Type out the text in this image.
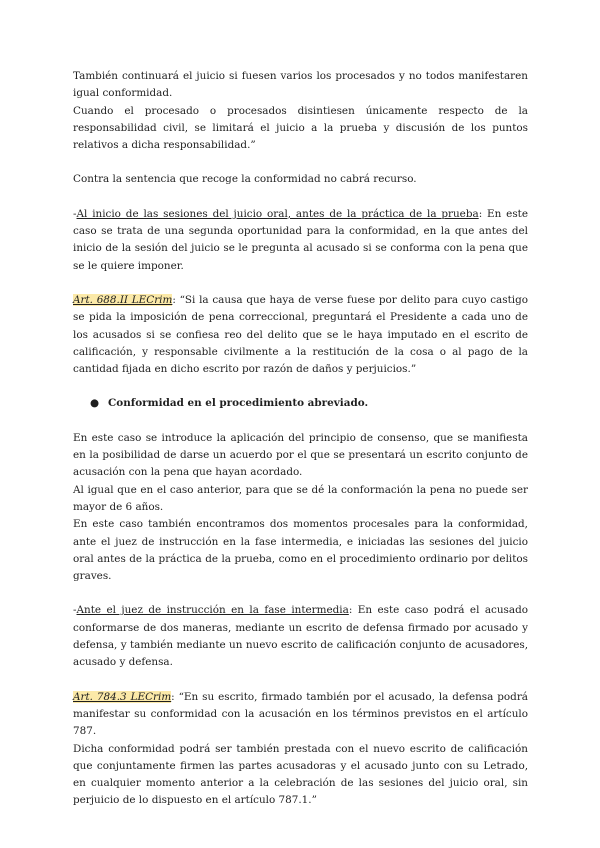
También continuará el juicio si fuesen varios los procesados y no todos manifestaren igual conformidad.

Cuando el procesado o procesados disintiesen únicamente respecto de la responsabilidad civil, se limitará el juicio a la prueba y discusión de los puntos relativos a dicha responsabilidad.”

Contra la sentencia que recoge la conformidad no cabrá recurso.

-Al inicio de las sesiones del juicio oral, antes de la práctica de la prueba: En este caso se trata de una segunda oportunidad para la conformidad, en la que antes del inicio de la sesión del juicio se le pregunta al acusado si se conforma con la pena que se le quiere imponer.

Art. 688.II LECrim: “Si la causa que haya de verse fuese por delito para cuyo castigo se pida la imposición de pena correccional, preguntará el Presidente a cada uno de los acusados si se confiesa reo del delito que se le haya imputado en el escrito de calificación, y responsable civilmente a la restitución de la cosa o al pago de la cantidad fijada en dicho escrito por razón de daños y perjuicios.”

● Conformidad en el procedimiento abreviado.

En este caso se introduce la aplicación del principio de consenso, que se manifiesta en la posibilidad de darse un acuerdo por el que se presentará un escrito conjunto de acusación con la pena que hayan acordado.

Al igual que en el caso anterior, para que se dé la conformación la pena no puede ser mayor de 6 años.

En este caso también encontramos dos momentos procesales para la conformidad, ante el juez de instrucción en la fase intermedia, e iniciadas las sesiones del juicio oral antes de la práctica de la prueba, como en el procedimiento ordinario por delitos graves.

-Ante el juez de instrucción en la fase intermedia: En este caso podrá el acusado conformarse de dos maneras, mediante un escrito de defensa firmado por acusado y defensa, y también mediante un nuevo escrito de calificación conjunto de acusadores, acusado y defensa.

Art. 784.3 LECrim: “En su escrito, firmado también por el acusado, la defensa podrá manifestar su conformidad con la acusación en los términos previstos en el artículo 787.

Dicha conformidad podrá ser también prestada con el nuevo escrito de calificación que conjuntamente firmen las partes acusadoras y el acusado junto con su Letrado, en cualquier momento anterior a la celebración de las sesiones del juicio oral, sin perjuicio de lo dispuesto en el artículo 787.1.”
